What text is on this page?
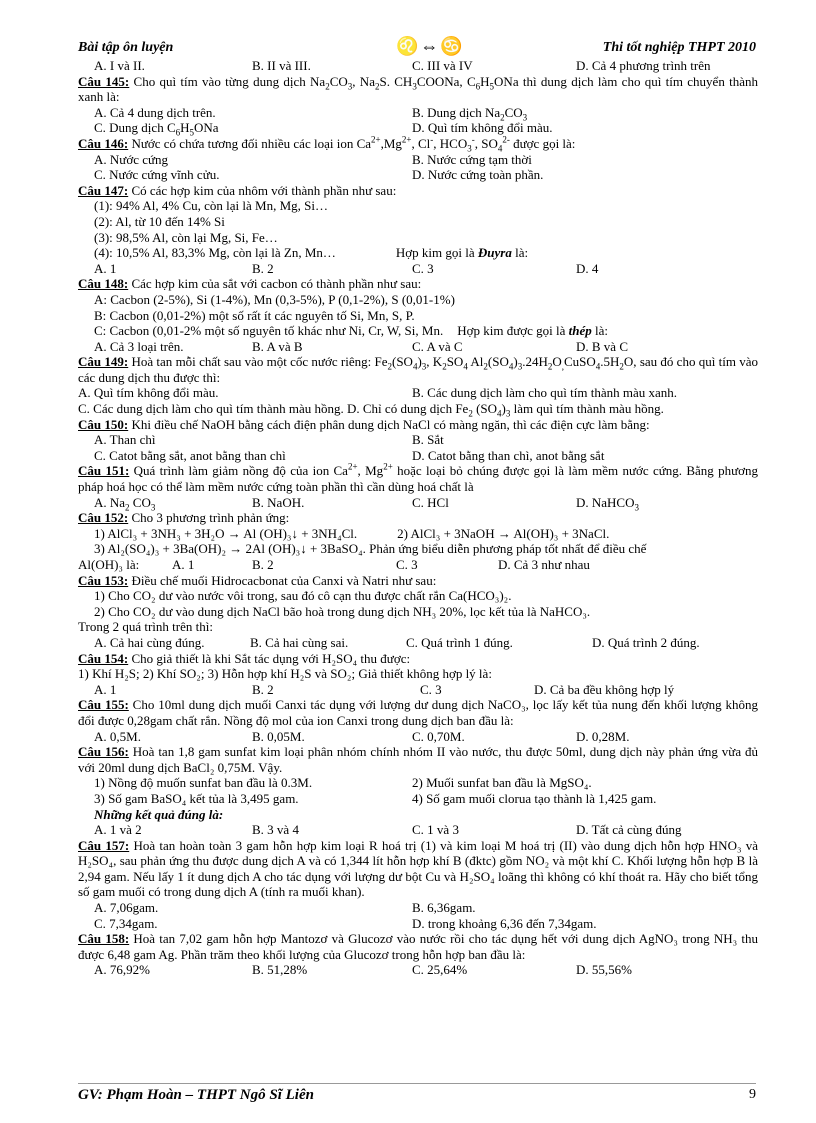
Bài tập ôn luyện	♌⇔♋	Thi tốt nghiệp THPT 2010
A. I và II.	B. II và III.	C. III và IV	D. Cả 4 phương trình trên
Câu 145: Cho quì tím vào từng dung dịch $Na_2CO_3$, $Na_2S$. $CH_3COONa$, $C_6H_5ONa$ thì dung dịch làm cho quì tím chuyển thành xanh là:
A. Cả 4 dung dịch trên.	B. Dung dịch $Na_2CO_3$
C. Dung dịch $C_6H_5ONa$	D. Quì tím không đổi màu.
Câu 146: Nước có chứa tương đối nhiều các loại ion $Ca^{2+},Mg^{2+}$, Cl-, $HCO_3^-$, $SO_4^{2-}$ được gọi là:
A. Nước cứng	B. Nước cứng tạm thời
C. Nước cứng vĩnh cửu.	D. Nước cứng toàn phần.
Câu 147: Có các hợp kim của nhôm với thành phần như sau:
(1): 94% Al, 4% Cu, còn lại là Mn, Mg, Si…
(2): Al, từ 10 đến 14% Si
(3): 98,5% Al, còn lại Mg, Si, Fe…
(4): 10,5% Al, 83,3% Mg, còn lại là Zn, Mn…	Hợp kim gọi là Đuyra là:
A. 1	B. 2	C. 3	D. 4
Câu 148: Các hợp kim của sắt với cacbon có thành phần như sau:
A: Cacbon (2-5%), Si (1-4%), Mn (0,3-5%), P (0,1-2%), S (0,01-1%)
B: Cacbon (0,01-2%) một số rất ít các nguyên tố Si, Mn, S, P.
C: Cacbon (0,01-2% một số nguyên tố khác như Ni, Cr, W, Si, Mn. Hợp kim được gọi là thép là:
A. Cả 3 loại trên.	B. A và B	C. A và C	D. B và C
Câu 149: Hoà tan mỗi chất sau vào một cốc nước riêng: $Fe_2(SO_4)_3$, $K_2SO_4$ $Al_2(SO_4)_3.24H_2O_,CuSO_4.5H_2O$, sau đó cho quì tím vào các dung dịch thu được thì:
A. Quì tím không đổi màu.	B. Các dung dịch làm cho quì tím thành màu xanh.
C. Các dung dịch làm cho quì tím thành màu hồng. D. Chỉ có dung dịch $Fe_2$ $(SO_4)_3$ làm quì tím thành màu hồng.
Câu 150: Khi điều chế NaOH bằng cách điện phân dung dịch NaCl có màng ngăn, thì các điện cực làm bằng:
A. Than chì	B. Sắt
C. Catot bằng sắt, anot bằng than chì	D. Catot bằng than chì, anot bằng sắt
Câu 151: Quá trình làm giảm nồng độ của ion $Ca^{2+}$, $Mg^{2+}$ hoặc loại bỏ chúng được gọi là làm mềm nước cứng. Bằng phương pháp hoá học có thể làm mềm nước cứng toàn phần thì cần dùng hoá chất là
A. $Na_2$ $CO_3$	B. NaOH.	C. HCl	D. NaHCO$_3$
Câu 152: Cho 3 phương trình phản ứng:
1) AlCl₃ + 3NH₃ + 3H₂O → Al (OH)₃↓ + 3NH₄Cl.	2) AlCl₃ + 3NaOH → Al(OH)₃ + 3NaCl.
3) Al₂(SO₄)₃ + 3Ba(OH)₂ → 2Al (OH)₃↓ + 3BaSO₄. Phản ứng biểu diễn phương pháp tốt nhất để điều chế
Al(OH)₃ là:	A. 1	B. 2	C. 3	D. Cả 3 như nhau
Câu 153: Điều chế muối Hidrocacbonat của Canxi và Natri như sau:
1) Cho CO₂ dư vào nước vôi trong, sau đó cô cạn thu được chất rắn Ca(HCO₃)₂.
2) Cho CO₂ dư vào dung dịch NaCl bão hoà trong dung dịch NH₃ 20%, lọc kết tủa là NaHCO₃.
Trong 2 quá trình trên thì:
A. Cả hai cùng đúng.	B. Cả hai cùng sai.	C. Quá trình 1 đúng.	D. Quá trình 2 đúng.
Câu 154: Cho giả thiết là khi Sắt tác dụng với H₂SO₄ thu được:
1) Khí H₂S; 2) Khí SO₂; 3) Hỗn hợp khí H₂S và SO₂; Giả thiết không hợp lý là:
A. 1	B. 2	C. 3	D. Cả ba đều không hợp lý
Câu 155: Cho 10ml dung dịch muối Canxi tác dụng với lượng dư dung dịch NaCO₃, lọc lấy kết tủa nung đến khối lượng không đổi được 0,28gam chất rắn. Nồng độ mol của ion Canxi trong dung dịch ban đầu là:
A. 0,5M.	B. 0,05M.	C. 0,70M.	D. 0,28M.
Câu 156: Hoà tan 1,8 gam sunfat kim loại phân nhóm chính nhóm II vào nước, thu được 50ml, dung dịch này phản ứng vừa đủ với 20ml dung dịch BaCl₂ 0,75M. Vậy.
1) Nồng độ muốn sunfat ban đầu là 0.3M.	2) Muối sunfat ban đầu là MgSO₄.
3) Số gam BaSO₄ kết tủa là 3,495 gam.	4) Số gam muối clorua tạo thành là 1,425 gam.
Những kết quả đúng là:
A. 1 và 2	B. 3 và 4	C. 1 và 3	D. Tất cả cùng đúng
Câu 157: Hoà tan hoàn toàn 3 gam hỗn hợp kim loại R hoá trị (1) và kim loại M hoá trị (II) vào dung dịch hỗn hợp HNO₃ và H₂SO₄, sau phản ứng thu được dung dịch A và có 1,344 lít hỗn hợp khí B (đktc) gồm NO₂ và một khí C. Khối lượng hỗn hợp B là 2,94 gam. Nếu lấy 1 ít dung dịch A cho tác dụng với lượng dư bột Cu và H₂SO₄ loãng thì không có khí thoát ra. Hãy cho biết tổng số gam muối có trong dung dịch A (tính ra muối khan).
A. 7,06gam.	B. 6,36gam.
C. 7,34gam.	D. trong khoảng 6,36 đến 7,34gam.
Câu 158: Hoà tan 7,02 gam hỗn hợp Mantozơ và Glucozơ vào nước rồi cho tác dụng hết với dung dịch AgNO₃ trong NH₃ thu được 6,48 gam Ag. Phần trăm theo khối lượng của Glucozơ trong hỗn hợp ban đầu là:
A. 76,92%	B. 51,28%	C. 25,64%	D. 55,56%
GV: Phạm Hoàn – THPT Ngô Sĩ Liên	9
